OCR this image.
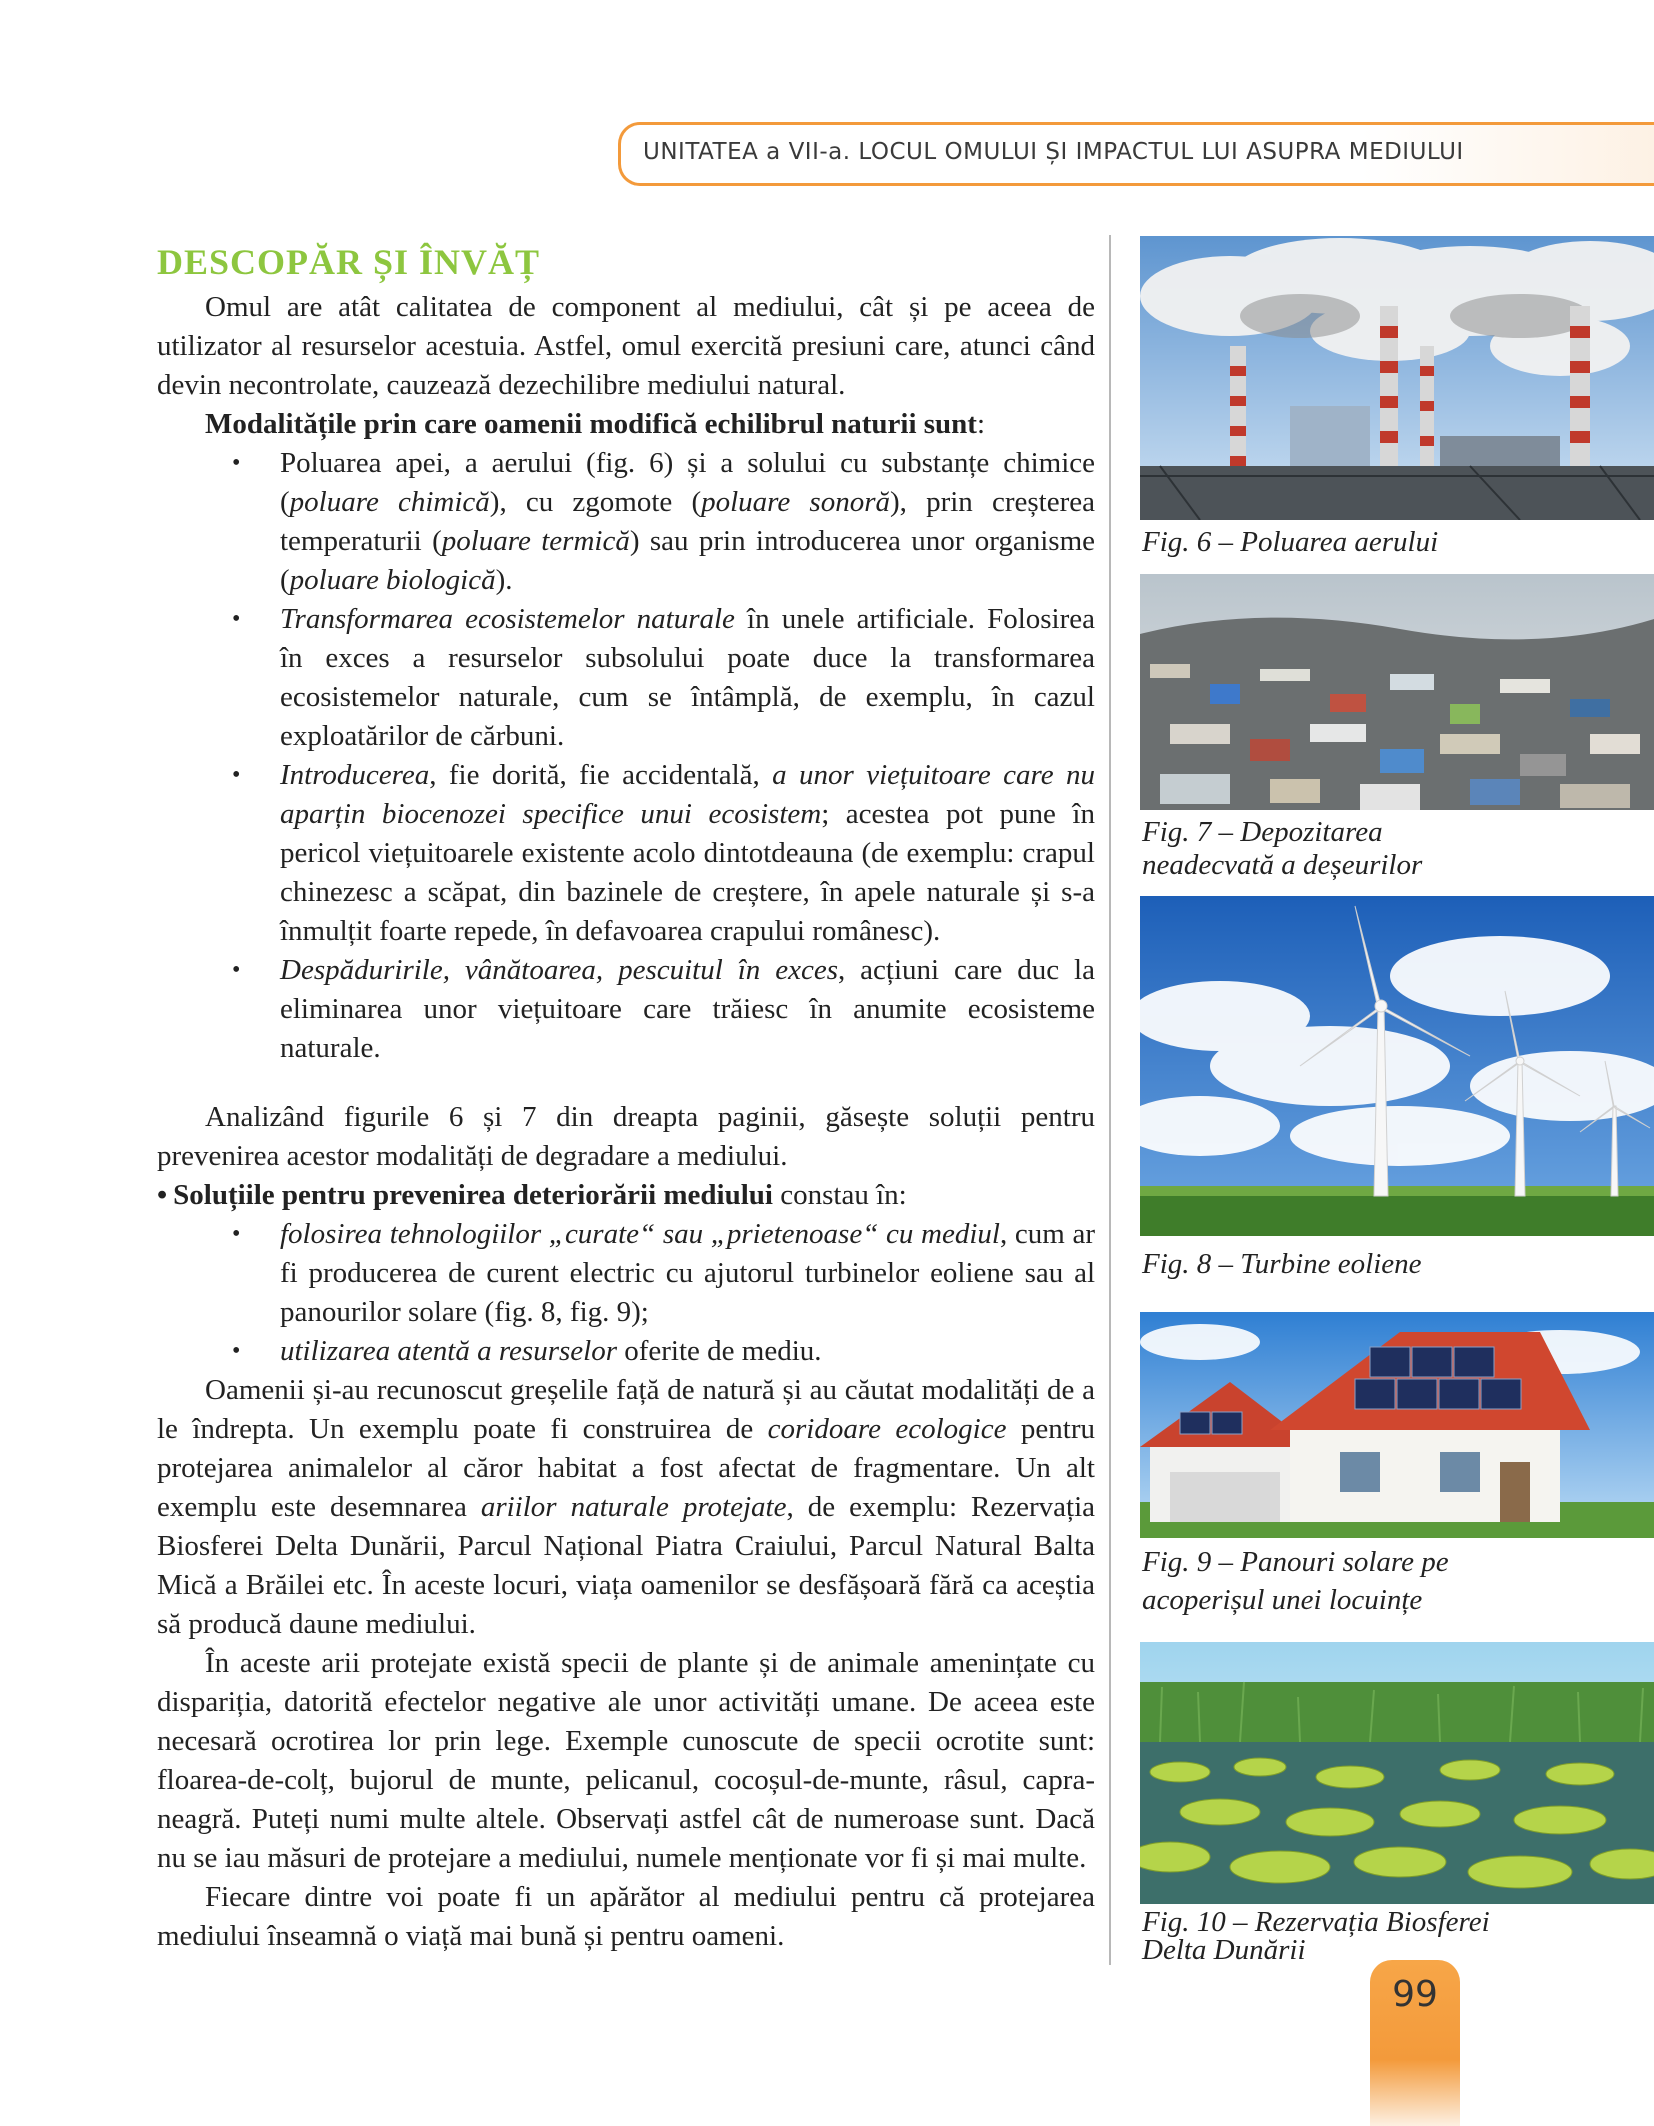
UNITATEA a VII-a. LOCUL OMULUI ȘI IMPACTUL LUI ASUPRA MEDIULUI
DESCOPĂR ȘI ÎNVĂȚ

Omul are atât calitatea de component al mediului, cât și pe aceea de utilizator al resurselor acestuia. Astfel, omul exercită presiuni care, atunci când devin necontrolate, cauzează dezechilibre mediului natural.

Modalitățile prin care oamenii modifică echilibrul naturii sunt:

• Poluarea apei, a aerului (fig. 6) și a solului cu substanțe chimice (poluare chimică), cu zgomote (poluare sonoră), prin creșterea temperaturii (poluare termică) sau prin introducerea unor organisme (poluare biologică).
• Transformarea ecosistemelor naturale în unele artificiale. Folosirea în exces a resurselor subsolului poate duce la transformarea ecosistemelor naturale, cum se întâmplă, de exemplu, în cazul exploatărilor de cărbuni.
• Introducerea, fie dorită, fie accidentală, a unor viețuitoare care nu aparțin biocenozei specifice unui ecosistem; acestea pot pune în pericol viețuitoarele existente acolo dintotdeauna (de exemplu: crapul chinezesc a scăpat, din bazinele de creștere, în apele naturale și s-a înmulțit foarte repede, în defavoarea crapului românesc).
• Despăduririle, vânătoarea, pescuitul în exces, acțiuni care duc la eliminarea unor viețuitoare care trăiesc în anumite ecosisteme naturale.

Analizând figurile 6 și 7 din dreapta paginii, găsește soluții pentru prevenirea acestor modalități de degradare a mediului.

• Soluțiile pentru prevenirea deteriorării mediului constau în:

• folosirea tehnologiilor „curate“ sau „prietenoase“ cu mediul, cum ar fi producerea de curent electric cu ajutorul turbinelor eoliene sau al panourilor solare (fig. 8, fig. 9);
• utilizarea atentă a resurselor oferite de mediu.

Oamenii și-au recunoscut greșelile față de natură și au căutat modalități de a le îndrepta. Un exemplu poate fi construirea de coridoare ecologice pentru protejarea animalelor al căror habitat a fost afectat de fragmentare. Un alt exemplu este desemnarea ariilor naturale protejate, de exemplu: Rezervația Biosferei Delta Dunării, Parcul Național Piatra Craiului, Parcul Natural Balta Mică a Brăilei etc. În aceste locuri, viața oamenilor se desfășoară fără ca aceștia să producă daune mediului.

În aceste arii protejate există specii de plante și de animale amenințate cu dispariția, datorită efectelor negative ale unor activități umane. De aceea este necesară ocrotirea lor prin lege. Exemple cunoscute de specii ocrotite sunt: floarea-de-colț, bujorul de munte, pelicanul, cocoșul-de-munte, râsul, capra-neagră. Puteți numi multe altele. Observați astfel cât de numeroase sunt. Dacă nu se iau măsuri de protejare a mediului, numele menționate vor fi și mai multe.

Fiecare dintre voi poate fi un apărător al mediului pentru că protejarea mediului înseamnă o viață mai bună și pentru oameni.

Fig. 6 – Poluarea aerului
Fig. 7 – Depozitarea
neadecvată a deșeurilor
Fig. 8 – Turbine eoliene
Fig. 9 – Panouri solare pe
acoperișul unei locuințe
Fig. 10 – Rezervația Biosferei
Delta Dunării
99
